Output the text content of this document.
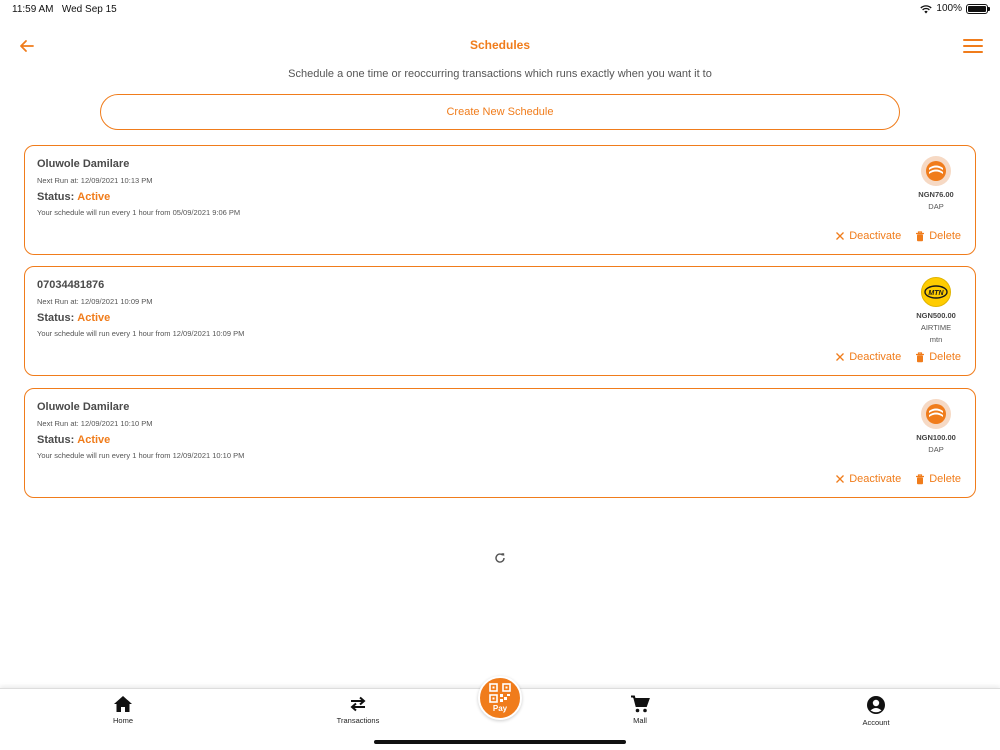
11:59 AM Wed Sep 15	100%
Schedules
Schedule a one time or reoccurring transactions which runs exactly when you want it to
Create New Schedule
Oluwole Damilare
Next Run at: 12/09/2021 10:13 PM
Status: Active
Your schedule will run every 1 hour from 05/09/2021 9:06 PM
NGN76.00
DAP
Deactivate	Delete
07034481876
Next Run at: 12/09/2021 10:09 PM
Status: Active
Your schedule will run every 1 hour from 12/09/2021 10:09 PM
MTN
NGN500.00
AIRTIME
mtn
Deactivate	Delete
Oluwole Damilare
Next Run at: 12/09/2021 10:10 PM
Status: Active
Your schedule will run every 1 hour from 12/09/2021 10:10 PM
NGN100.00
DAP
Deactivate	Delete
Home	Transactions	Mall	Account
Pay
